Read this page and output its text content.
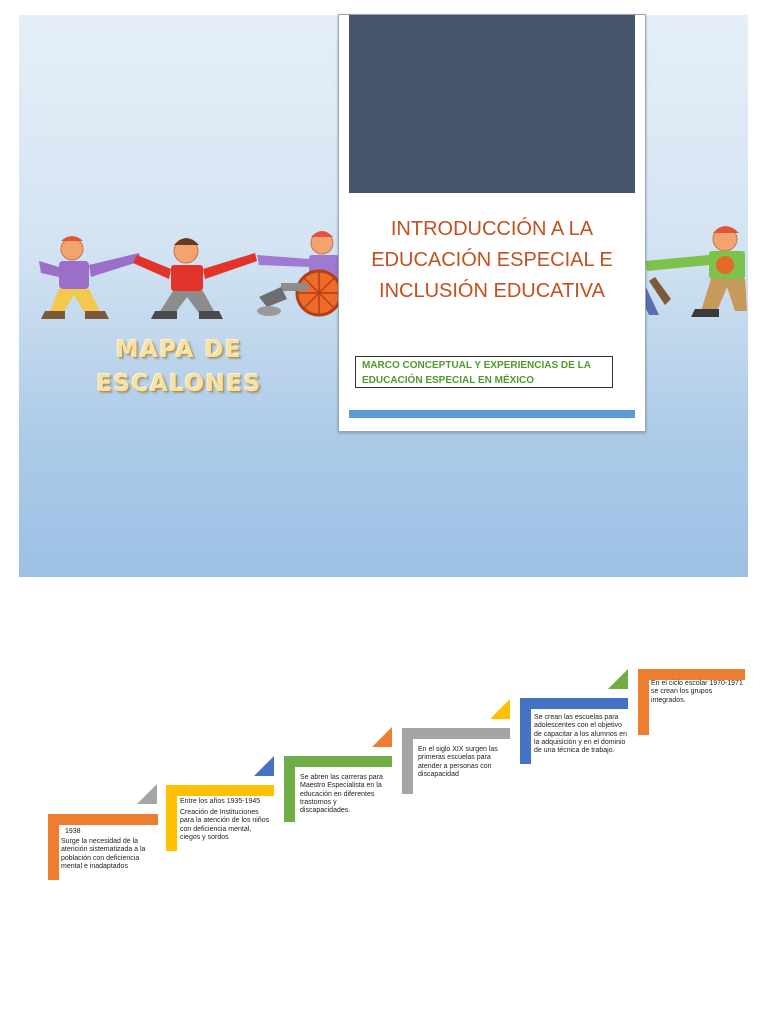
MAPA DE
ESCALONES
INTRODUCCIÓN A LA
EDUCACIÓN ESPECIAL E
INCLUSIÓN EDUCATIVA
MARCO CONCEPTUAL Y EXPERIENCIAS DE LA
EDUCACIÓN ESPECIAL EN MÉXICO
1938
Surge la necesidad de la atención sistematizada a la población con deficiencia mental e inadaptados
Entre los años 1935-1945
Creación de Instituciones para la atención de los niños con deficiencia mental, ciegos y sordos
Se abren las carreras para Maestro Especialista en la educación en diferentes trastornos y discapacidades.
En el siglo XIX surgen las primeras escuelas para atender a personas con discapacidad
Se crean las escuelas para adolescentes con el objetivo de capacitar a los alumnos en la adquisición y en el dominio de una técnica de trabajo.
En el ciclo escolar 1970-1971 se crean los grupos integrados.
